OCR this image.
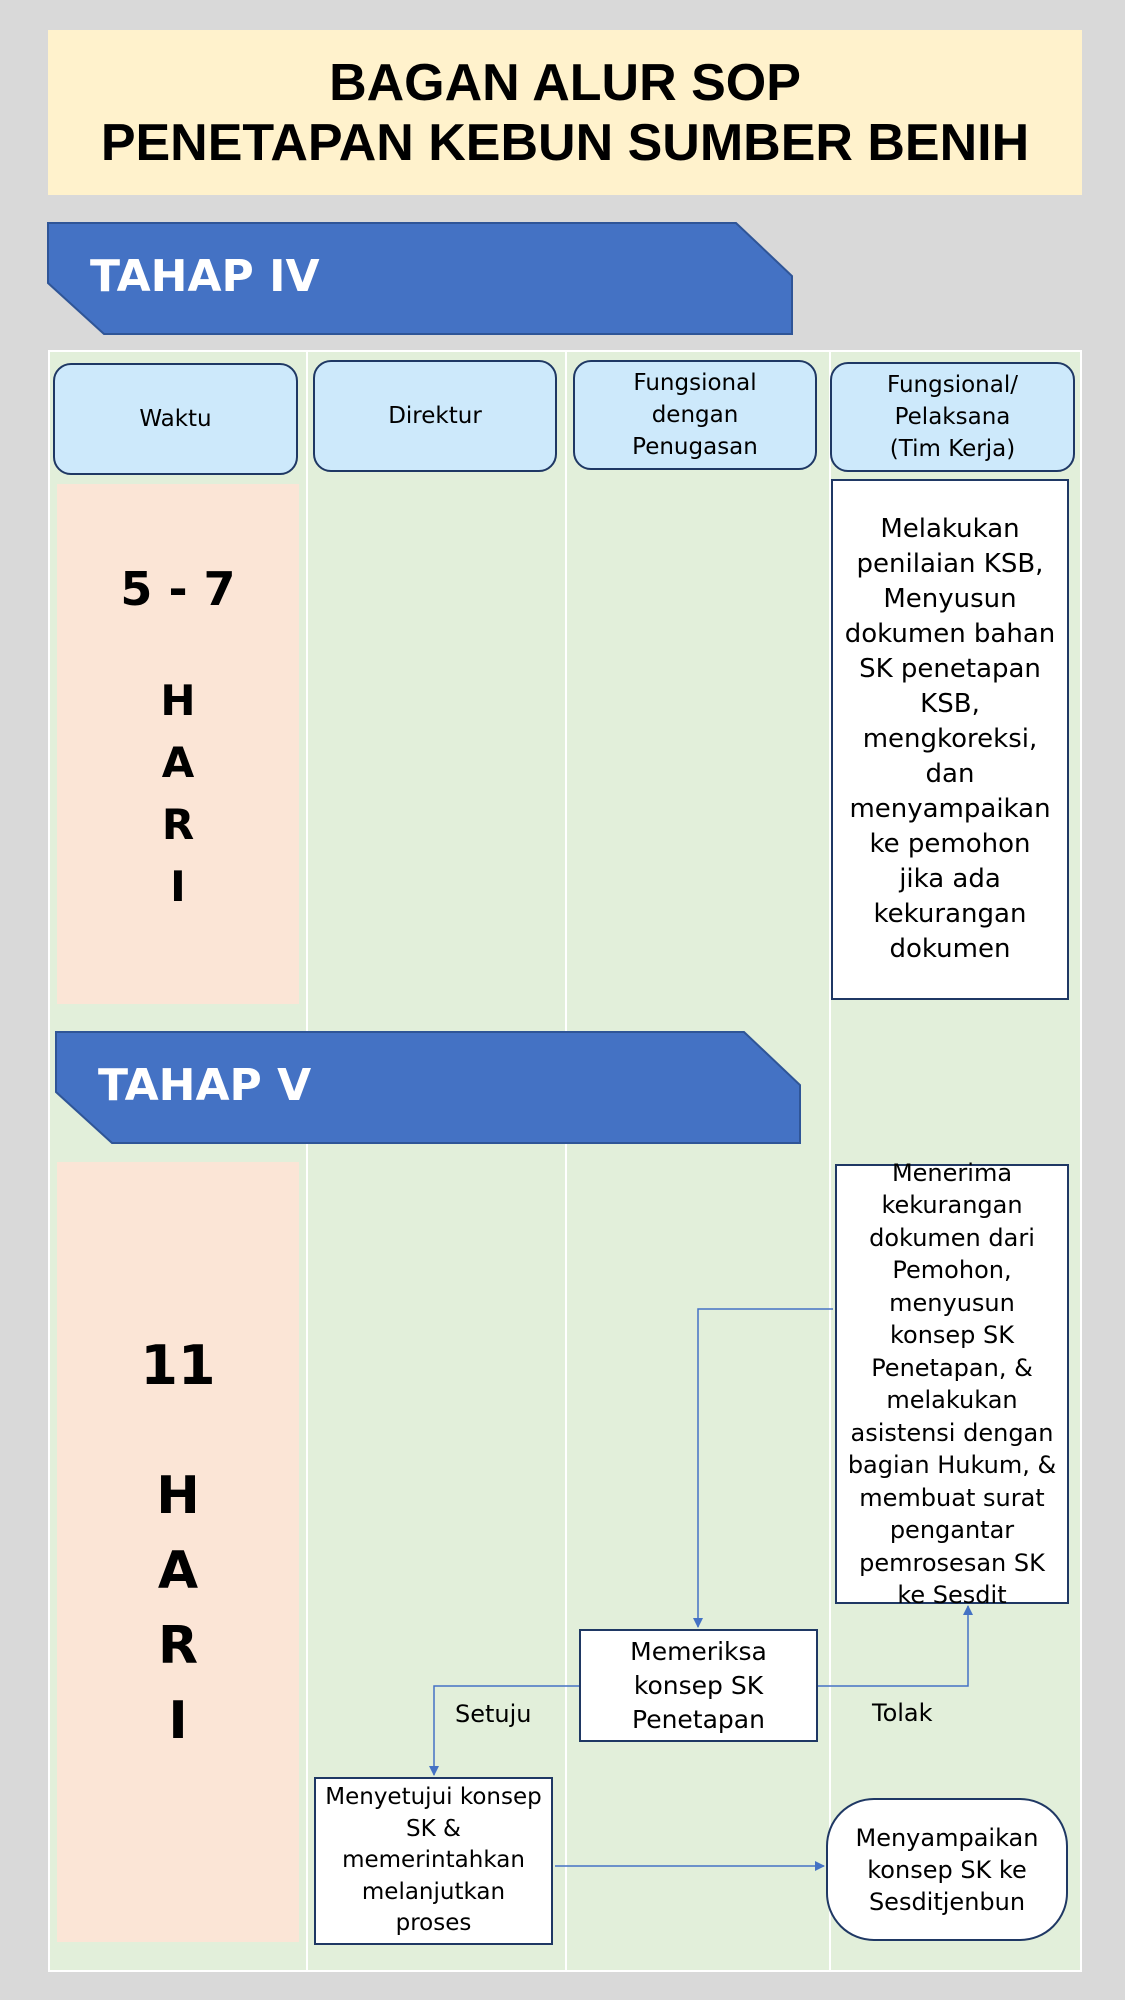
BAGAN ALUR SOP
PENETAPAN KEBUN SUMBER BENIH
TAHAP IV
Waktu	Direktur
Fungsional
dengan
Penugasan
Fungsional/
Pelaksana
(Tim Kerja)
5 - 7
H
A
R
I
Melakukan penilaian KSB, Menyusun dokumen bahan SK penetapan KSB, mengkoreksi, dan menyampaikan ke pemohon jika ada kekurangan dokumen
TAHAP V
11
H
A
R
I
Menerima kekurangan dokumen dari Pemohon, menyusun konsep SK Penetapan, & melakukan asistensi dengan bagian Hukum, & membuat surat pengantar pemrosesan SK ke Sesdit
Memeriksa konsep SK Penetapan
Menyetujui konsep SK & memerintahkan melanjutkan proses
Menyampaikan konsep SK ke Sesditjenbun
Setuju	Tolak
